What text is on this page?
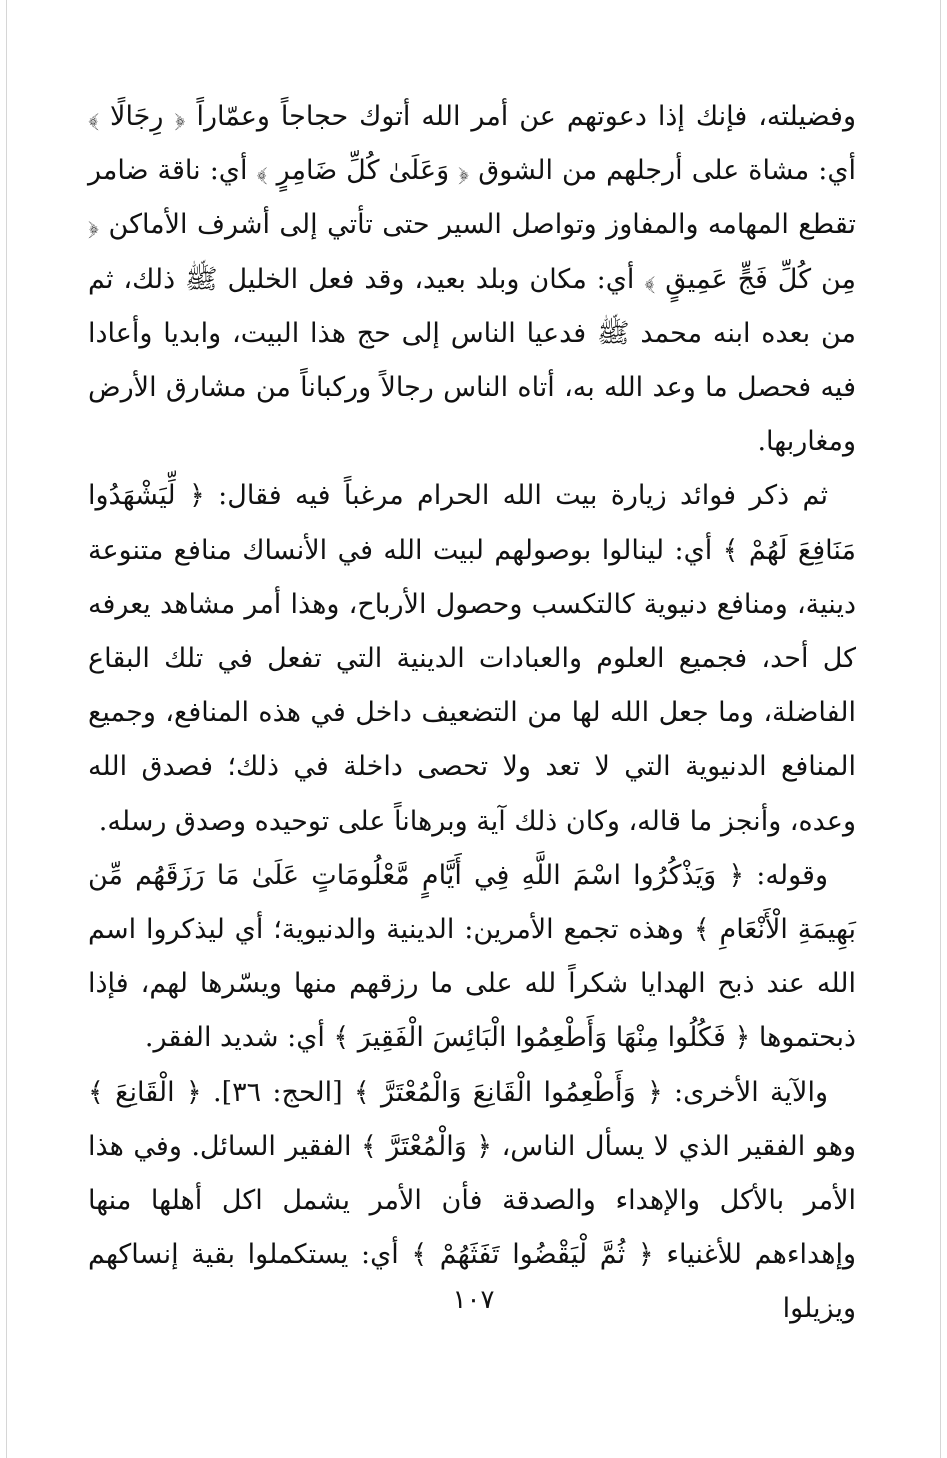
وفضيلته، فإنك إذا دعوتهم عن أمر الله أتوك حجاجاً وعمّاراً ﴿ رِجَالًا ﴾ أي: مشاة على أرجلهم من الشوق ﴿ وَعَلَىٰ كُلِّ ضَامِرٍ ﴾ أي: ناقة ضامر تقطع المهامه والمفاوز وتواصل السير حتى تأتي إلى أشرف الأماكن ﴿ مِن كُلِّ فَجٍّ عَمِيقٍ ﴾ أي: مكان وبلد بعيد، وقد فعل الخليل ﷺ ذلك، ثم من بعده ابنه محمد ﷺ فدعيا الناس إلى حج هذا البيت، وابديا وأعادا فيه فحصل ما وعد الله به، أتاه الناس رجالاً وركباناً من مشارق الأرض ومغاربها.

ثم ذكر فوائد زيارة بيت الله الحرام مرغباً فيه فقال: ﴿ لِّيَشْهَدُوا مَنَافِعَ لَهُمْ ﴾ أي: لينالوا بوصولهم لبيت الله في الأنساك منافع متنوعة دينية، ومنافع دنيوية كالتكسب وحصول الأرباح، وهذا أمر مشاهد يعرفه كل أحد، فجميع العلوم والعبادات الدينية التي تفعل في تلك البقاع الفاضلة، وما جعل الله لها من التضعيف داخل في هذه المنافع، وجميع المنافع الدنيوية التي لا تعد ولا تحصى داخلة في ذلك؛ فصدق الله وعده، وأنجز ما قاله، وكان ذلك آية وبرهاناً على توحيده وصدق رسله.

وقوله: ﴿ وَيَذْكُرُوا اسْمَ اللَّهِ فِي أَيَّامٍ مَّعْلُومَاتٍ عَلَىٰ مَا رَزَقَهُم مِّن بَهِيمَةِ الْأَنْعَامِ ﴾ وهذه تجمع الأمرين: الدينية والدنيوية؛ أي ليذكروا اسم الله عند ذبح الهدايا شكراً لله على ما رزقهم منها ويسّرها لهم، فإذا ذبحتموها ﴿ فَكُلُوا مِنْهَا وَأَطْعِمُوا الْبَائِسَ الْفَقِيرَ ﴾ أي: شديد الفقر.

والآية الأخرى: ﴿ وَأَطْعِمُوا الْقَانِعَ وَالْمُعْتَرَّ ﴾ [الحج: ٣٦]. ﴿ الْقَانِعَ ﴾ وهو الفقير الذي لا يسأل الناس، ﴿ وَالْمُعْتَرَّ ﴾ الفقير السائل. وفي هذا الأمر بالأكل والإهداء والصدقة فأن الأمر يشمل اكل أهلها منها وإهداءهم للأغنياء ﴿ ثُمَّ لْيَقْضُوا تَفَثَهُمْ ﴾ أي: يستكملوا بقية إنساكهم ويزيلوا

١٠٧
